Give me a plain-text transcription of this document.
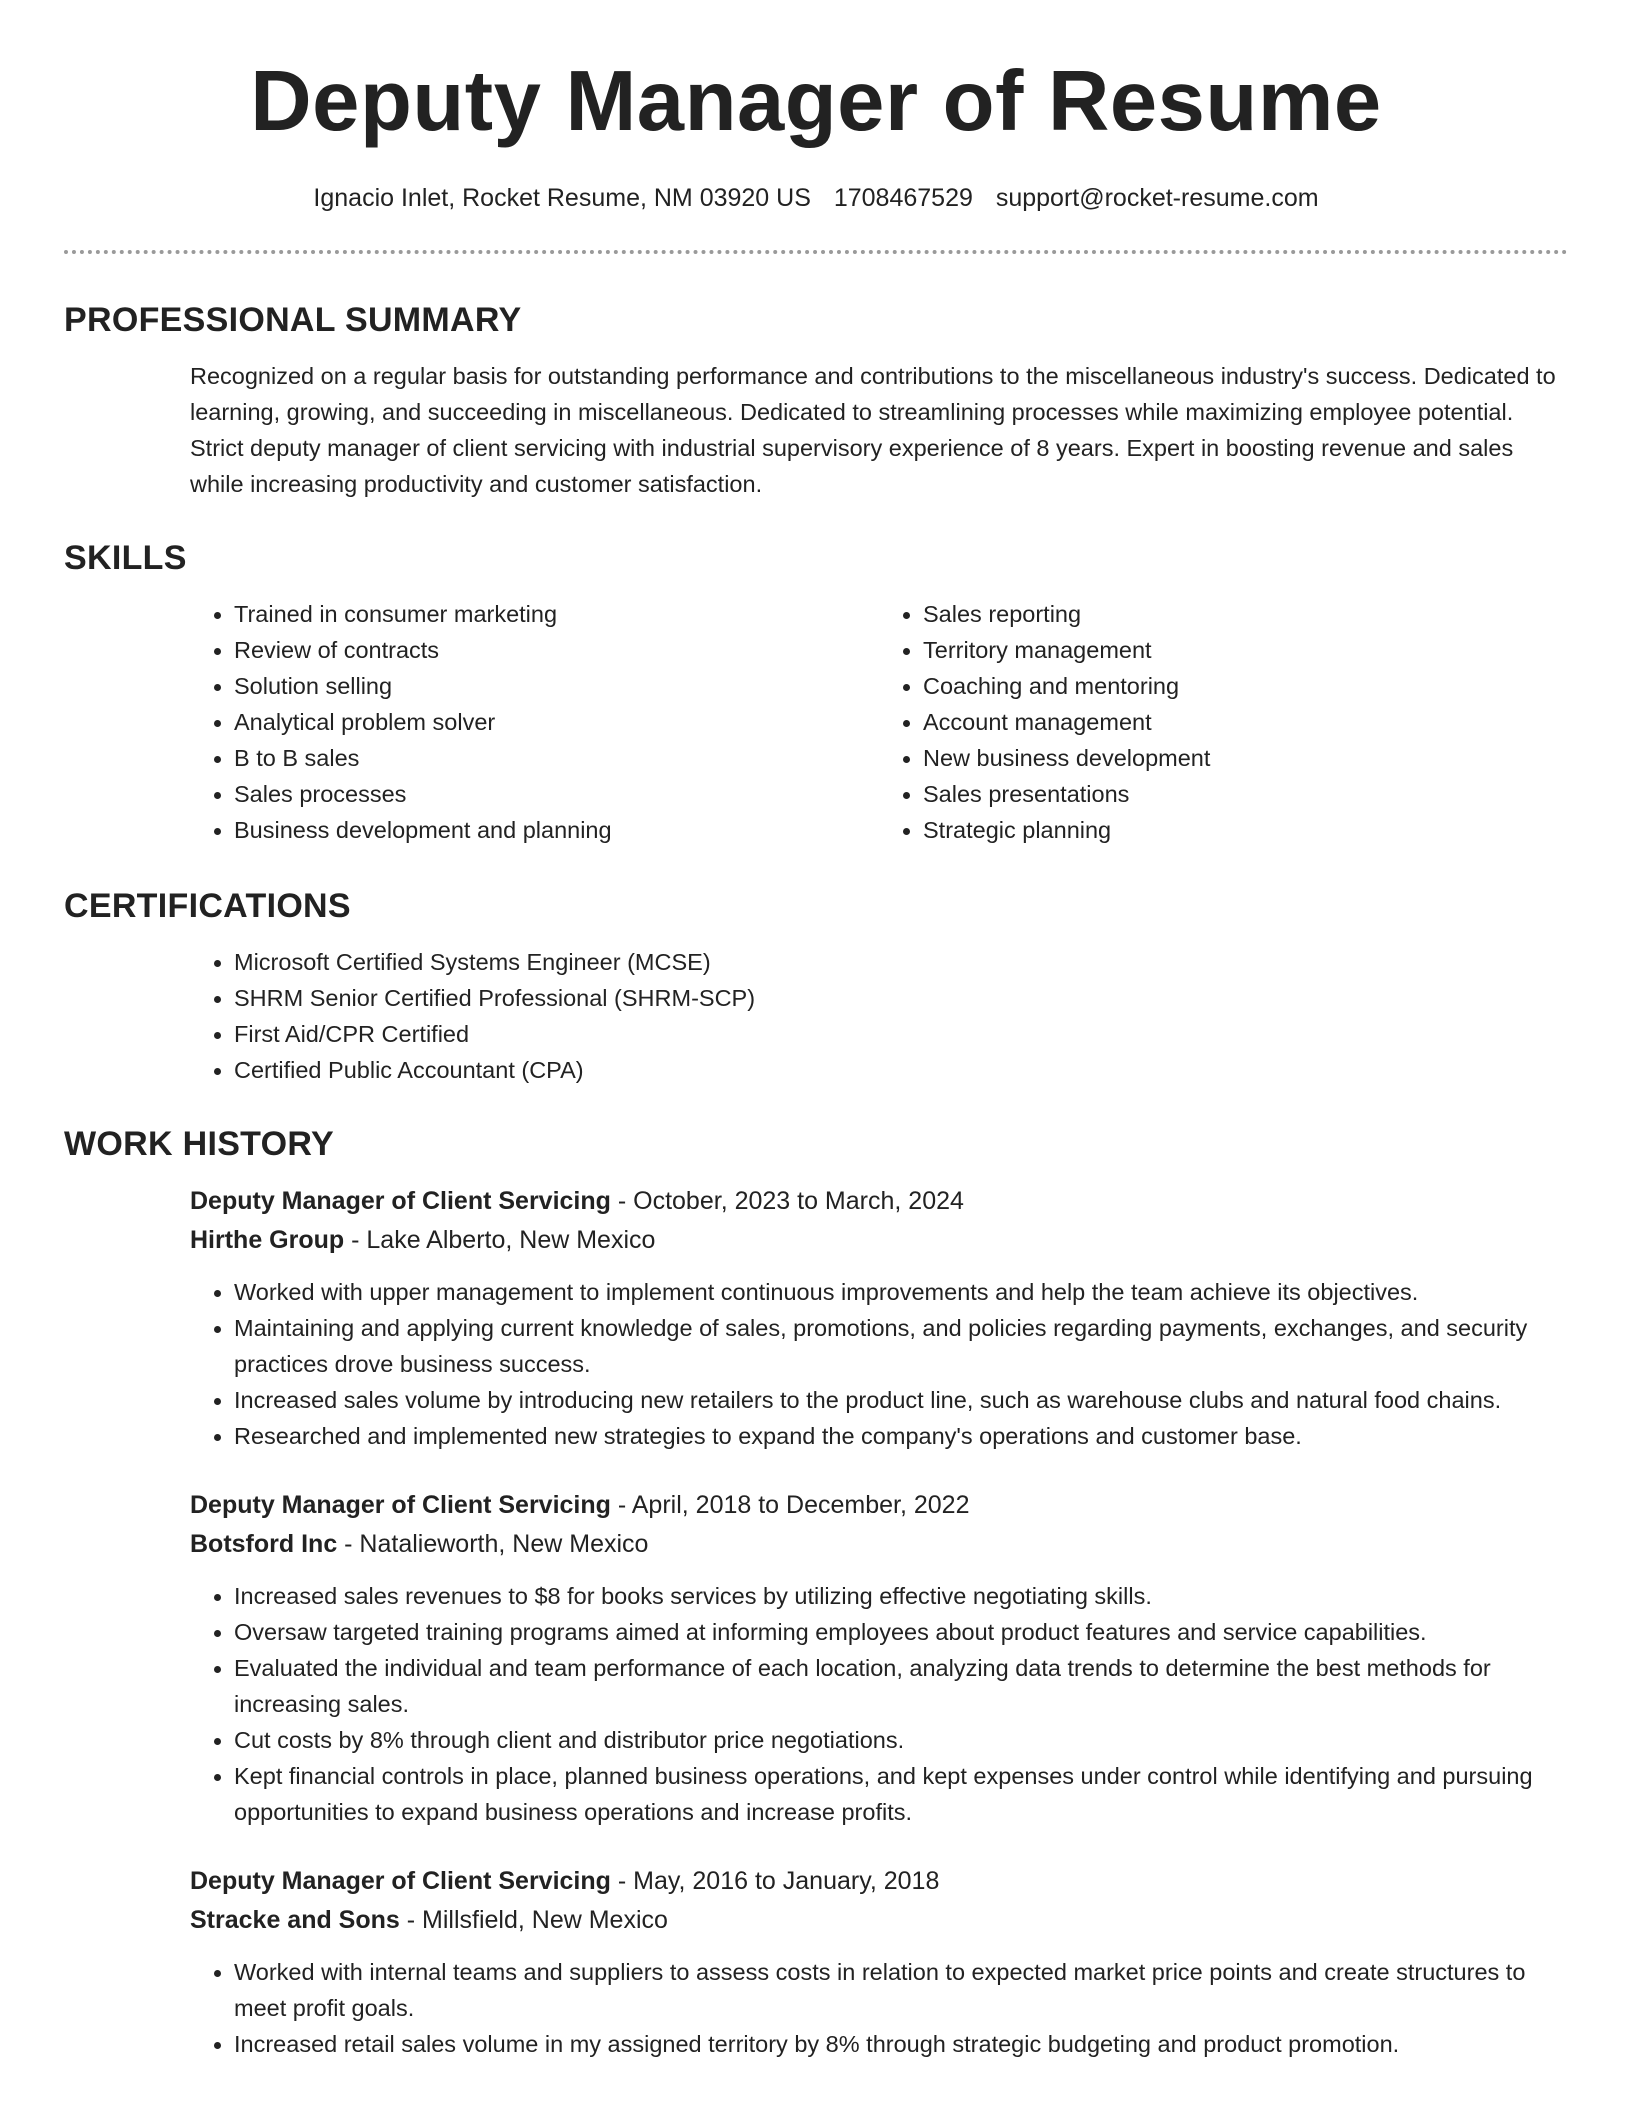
Deputy Manager of Resume
Ignacio Inlet, Rocket Resume, NM 03920 US 1708467529 support@rocket-resume.com
PROFESSIONAL SUMMARY

Recognized on a regular basis for outstanding performance and contributions to the miscellaneous industry's success. Dedicated to learning, growing, and succeeding in miscellaneous. Dedicated to streamlining processes while maximizing employee potential. Strict deputy manager of client servicing with industrial supervisory experience of 8 years. Expert in boosting revenue and sales while increasing productivity and customer satisfaction.

SKILLS
• Trained in consumer marketing
• Review of contracts
• Solution selling
• Analytical problem solver
• B to B sales
• Sales processes
• Business development and planning
• Sales reporting
• Territory management
• Coaching and mentoring
• Account management
• New business development
• Sales presentations
• Strategic planning
CERTIFICATIONS
• Microsoft Certified Systems Engineer (MCSE)
• SHRM Senior Certified Professional (SHRM-SCP)
• First Aid/CPR Certified
• Certified Public Accountant (CPA)
WORK HISTORY
Deputy Manager of Client Servicing - October, 2023 to March, 2024
Hirthe Group - Lake Alberto, New Mexico
• Worked with upper management to implement continuous improvements and help the team achieve its objectives.
• Maintaining and applying current knowledge of sales, promotions, and policies regarding payments, exchanges, and security practices drove business success.
• Increased sales volume by introducing new retailers to the product line, such as warehouse clubs and natural food chains.
• Researched and implemented new strategies to expand the company's operations and customer base.
Deputy Manager of Client Servicing - April, 2018 to December, 2022
Botsford Inc - Natalieworth, New Mexico
• Increased sales revenues to $8 for books services by utilizing effective negotiating skills.
• Oversaw targeted training programs aimed at informing employees about product features and service capabilities.
• Evaluated the individual and team performance of each location, analyzing data trends to determine the best methods for increasing sales.
• Cut costs by 8% through client and distributor price negotiations.
• Kept financial controls in place, planned business operations, and kept expenses under control while identifying and pursuing opportunities to expand business operations and increase profits.
Deputy Manager of Client Servicing - May, 2016 to January, 2018
Stracke and Sons - Millsfield, New Mexico
• Worked with internal teams and suppliers to assess costs in relation to expected market price points and create structures to meet profit goals.
• Increased retail sales volume in my assigned territory by 8% through strategic budgeting and product promotion.
